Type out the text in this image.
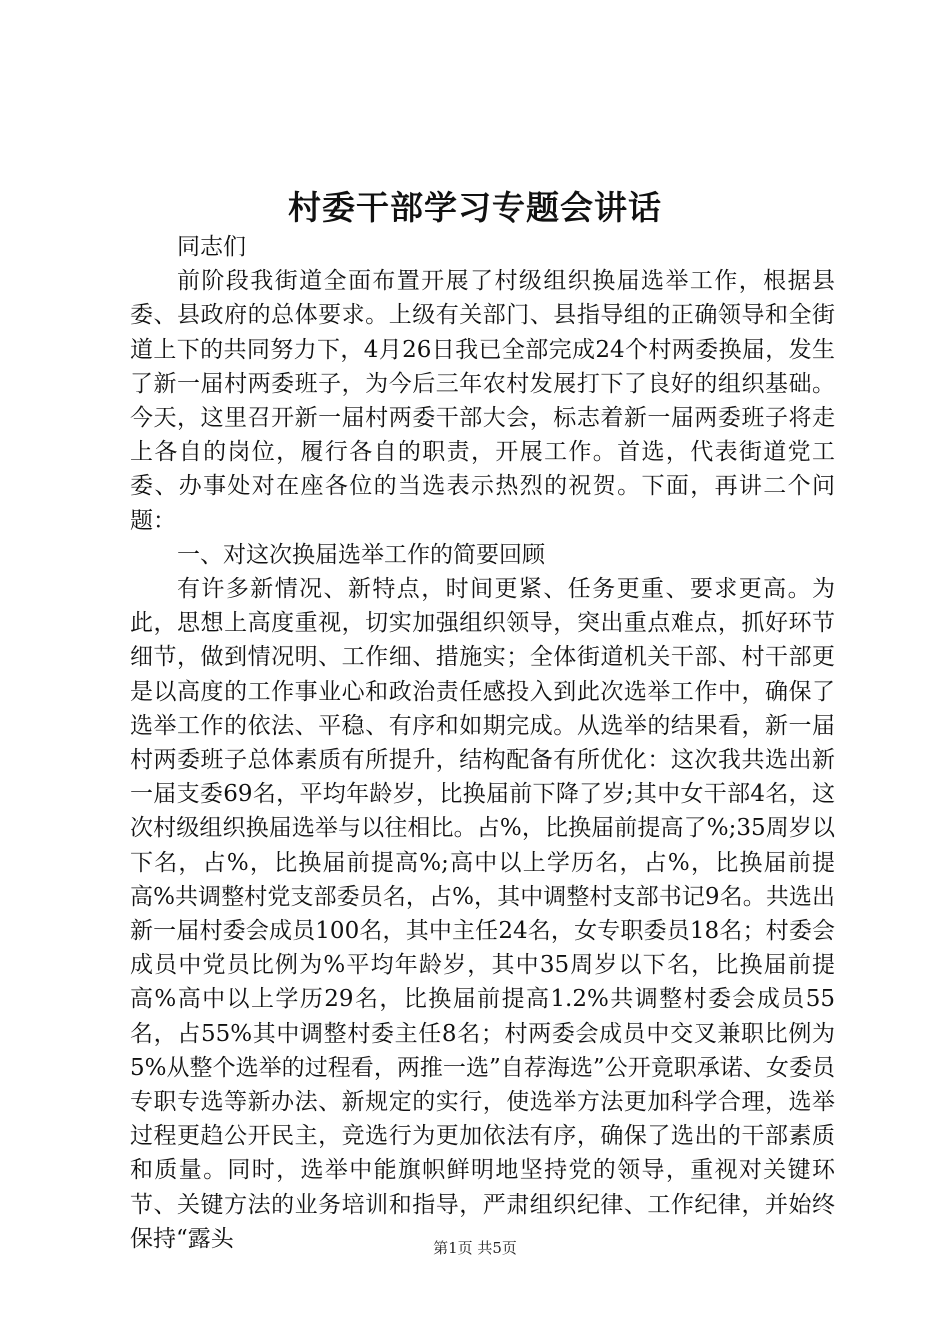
村委干部学习专题会讲话

同志们

前阶段我街道全面布置开展了村级组织换届选举工作，根据县委、县政府的总体要求。上级有关部门、县指导组的正确领导和全街道上下的共同努力下，4月26日我已全部完成24个村两委换届，发生了新一届村两委班子，为今后三年农村发展打下了良好的组织基础。今天，这里召开新一届村两委干部大会，标志着新一届两委班子将走上各自的岗位，履行各自的职责，开展工作。首选，代表街道党工委、办事处对在座各位的当选表示热烈的祝贺。下面，再讲二个问题：

一、对这次换届选举工作的简要回顾

有许多新情况、新特点，时间更紧、任务更重、要求更高。为此，思想上高度重视，切实加强组织领导，突出重点难点，抓好环节细节，做到情况明、工作细、措施实；全体街道机关干部、村干部更是以高度的工作事业心和政治责任感投入到此次选举工作中，确保了选举工作的依法、平稳、有序和如期完成。从选举的结果看，新一届村两委班子总体素质有所提升，结构配备有所优化：这次我共选出新一届支委69名，平均年龄岁，比换届前下降了岁;其中女干部4名，这次村级组织换届选举与以往相比。占%，比换届前提高了%;35周岁以下名，占%，比换届前提高%;高中以上学历名，占%，比换届前提高%共调整村党支部委员名，占%，其中调整村支部书记9名。共选出新一届村委会成员100名，其中主任24名，女专职委员18名；村委会成员中党员比例为%平均年龄岁，其中35周岁以下名，比换届前提高%高中以上学历29名，比换届前提高1.2%共调整村委会成员55名，占55%其中调整村委主任8名；村两委会成员中交叉兼职比例为5%从整个选举的过程看，两推一选”自荐海选”公开竟职承诺、女委员专职专选等新办法、新规定的实行，使选举方法更加科学合理，选举过程更趋公开民主，竞选行为更加依法有序，确保了选出的干部素质和质量。同时，选举中能旗帜鲜明地坚持党的领导，重视对关键环节、关键方法的业务培训和指导，严肃组织纪律、工作纪律，并始终保持“露头	第1页 共5页
